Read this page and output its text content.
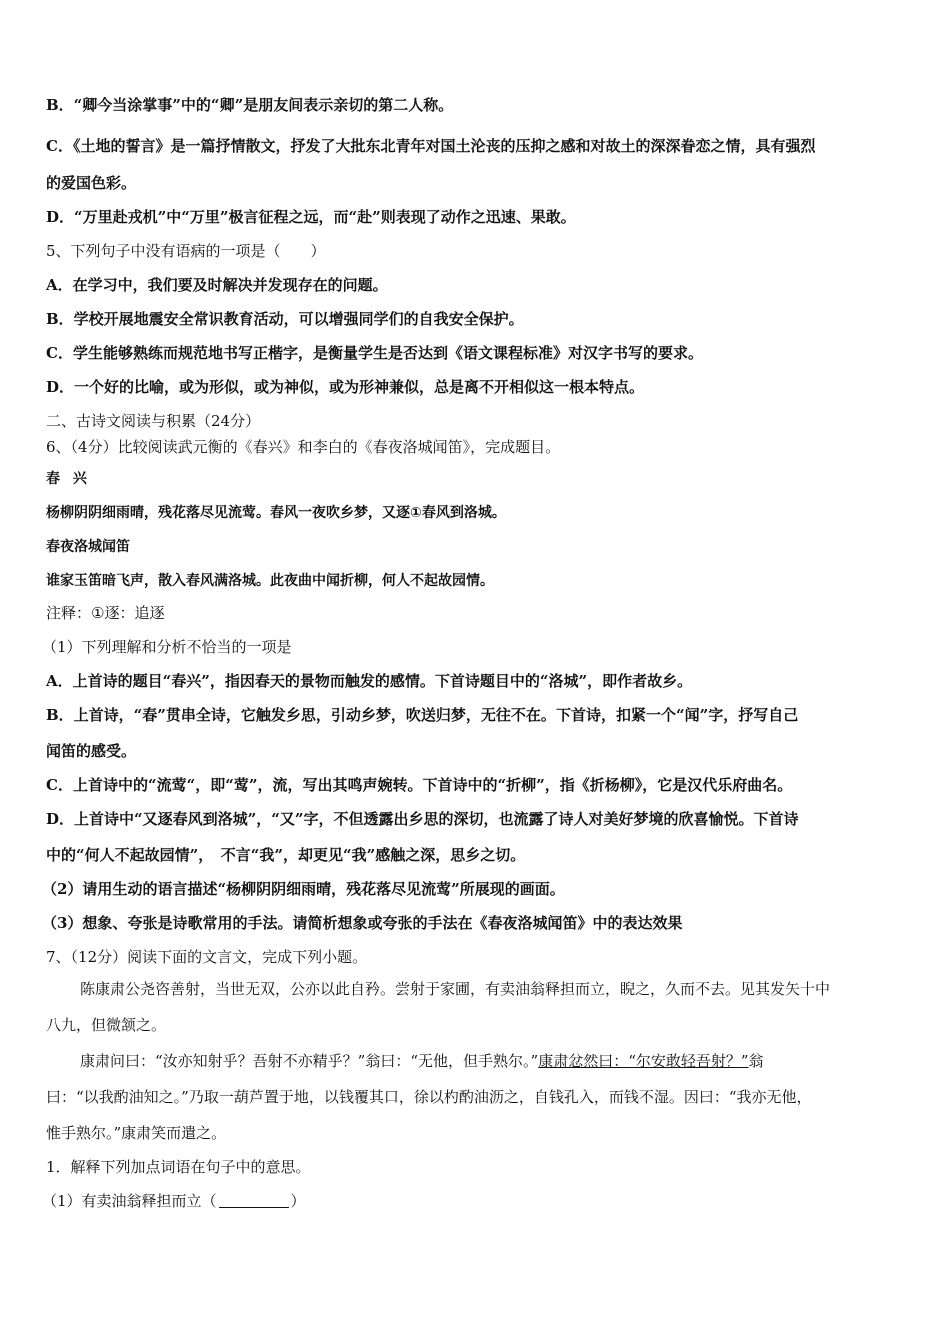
B．“卿今当涂掌事”中的“卿”是朋友间表示亲切的第二人称。
C．《土地的誓言》是一篇抒情散文，抒发了大批东北青年对国土沦丧的压抑之感和对故土的深深眷恋之情，具有强烈
的爱国色彩。
D．“万里赴戎机”中“万里”极言征程之远，而“赴”则表现了动作之迅速、果敢。
5、下列句子中没有语病的一项是（　　）
A．在学习中，我们要及时解决并发现存在的问题。
B．学校开展地震安全常识教育活动，可以增强同学们的自我安全保护。
C．学生能够熟练而规范地书写正楷字，是衡量学生是否达到《语文课程标准》对汉字书写的要求。
D．一个好的比喻，或为形似，或为神似，或为形神兼似，总是离不开相似这一根本特点。
二、古诗文阅读与积累（24分）
6、（4分）比较阅读武元衡的《春兴》和李白的《春夜洛城闻笛》，完成题目。
春 兴
杨柳阴阴细雨晴，残花落尽见流莺。春风一夜吹乡梦，又逐①春风到洛城。
春夜洛城闻笛
谁家玉笛暗飞声，散入春风满洛城。此夜曲中闻折柳，何人不起故园情。
注释：①逐：追逐
（1）下列理解和分析不恰当的一项是
A．上首诗的题目“春兴”，指因春天的景物而触发的感情。下首诗题目中的“洛城”，即作者故乡。
B．上首诗，“春”贯串全诗，它触发乡思，引动乡梦，吹送归梦，无往不在。下首诗，扣紧一个“闻”字，抒写自己
闻笛的感受。
C．上首诗中的“流莺“，即“莺”，流，写出其鸣声婉转。下首诗中的“折柳”，指《折杨柳》，它是汉代乐府曲名。
D．上首诗中“又逐春风到洛城”，“又”字，不但透露出乡思的深切，也流露了诗人对美好梦境的欣喜愉悦。下首诗
中的“何人不起故园情”，　不言“我”，却更见“我”感触之深，思乡之切。
（2）请用生动的语言描述“杨柳阴阴细雨晴，残花落尽见流莺”所展现的画面。
（3）想象、夸张是诗歌常用的手法。请简析想象或夸张的手法在《春夜洛城闻笛》中的表达效果
7、（12分）阅读下面的文言文，完成下列小题。
陈康肃公尧咨善射，当世无双，公亦以此自矜。尝射于家圃，有卖油翁释担而立，睨之，久而不去。见其发矢十中
八九，但微颔之。
康肃问曰：“汝亦知射乎？吾射不亦精乎？”翁曰：“无他，但手熟尔。”康肃忿然曰：“尔安敢轻吾射？”翁
曰：“以我酌油知之。”乃取一葫芦置于地，以钱覆其口，徐以杓酌油沥之，自钱孔入，而钱不湿。因曰：“我亦无他，
惟手熟尔。”康肃笑而遣之。
1．解释下列加点词语在句子中的意思。
（1）有卖油翁释担而立（	）
